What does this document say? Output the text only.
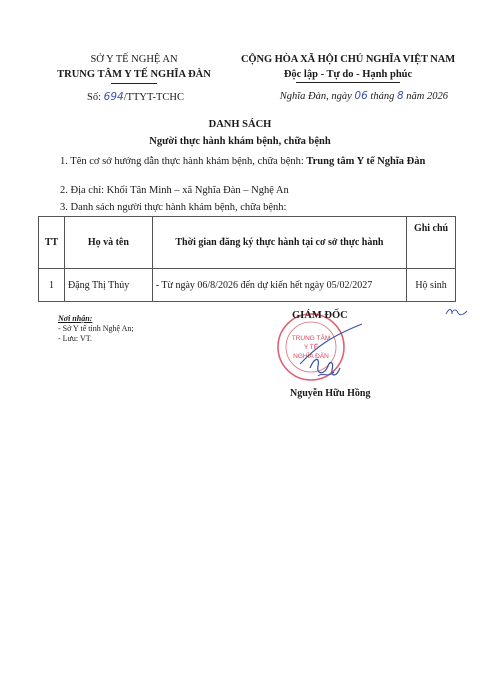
SỞ Y TẾ NGHỆ AN
TRUNG TÂM Y TẾ NGHĨA ĐÀN
Số: 694/TTYT-TCHC
CỘNG HÒA XÃ HỘI CHỦ NGHĨA VIỆT NAM
Độc lập - Tự do - Hạnh phúc
Nghĩa Đàn, ngày 06 tháng 8 năm 2026
DANH SÁCH
Người thực hành khám bệnh, chữa bệnh
1. Tên cơ sở hướng dẫn thực hành khám bệnh, chữa bệnh: Trung tâm Y tế Nghĩa Đàn
2. Địa chỉ: Khối Tân Minh – xã Nghĩa Đàn – Nghệ An
3. Danh sách người thực hành khám bệnh, chữa bệnh:
TT	Họ và tên	Thời gian đăng ký thực hành tại cơ sở thực hành	Ghi chú
1	Đặng Thị Thủy	- Từ ngày 06/8/2026 đến dự kiến hết ngày 05/02/2027	Hộ sinh
Nơi nhận:
- Sở Y tế tỉnh Nghệ An;
- Lưu: VT.	TRUNG TÂM
Y TẾ
NGHĨA ĐÀN
GIÁM ĐỐC
Nguyễn Hữu Hồng
